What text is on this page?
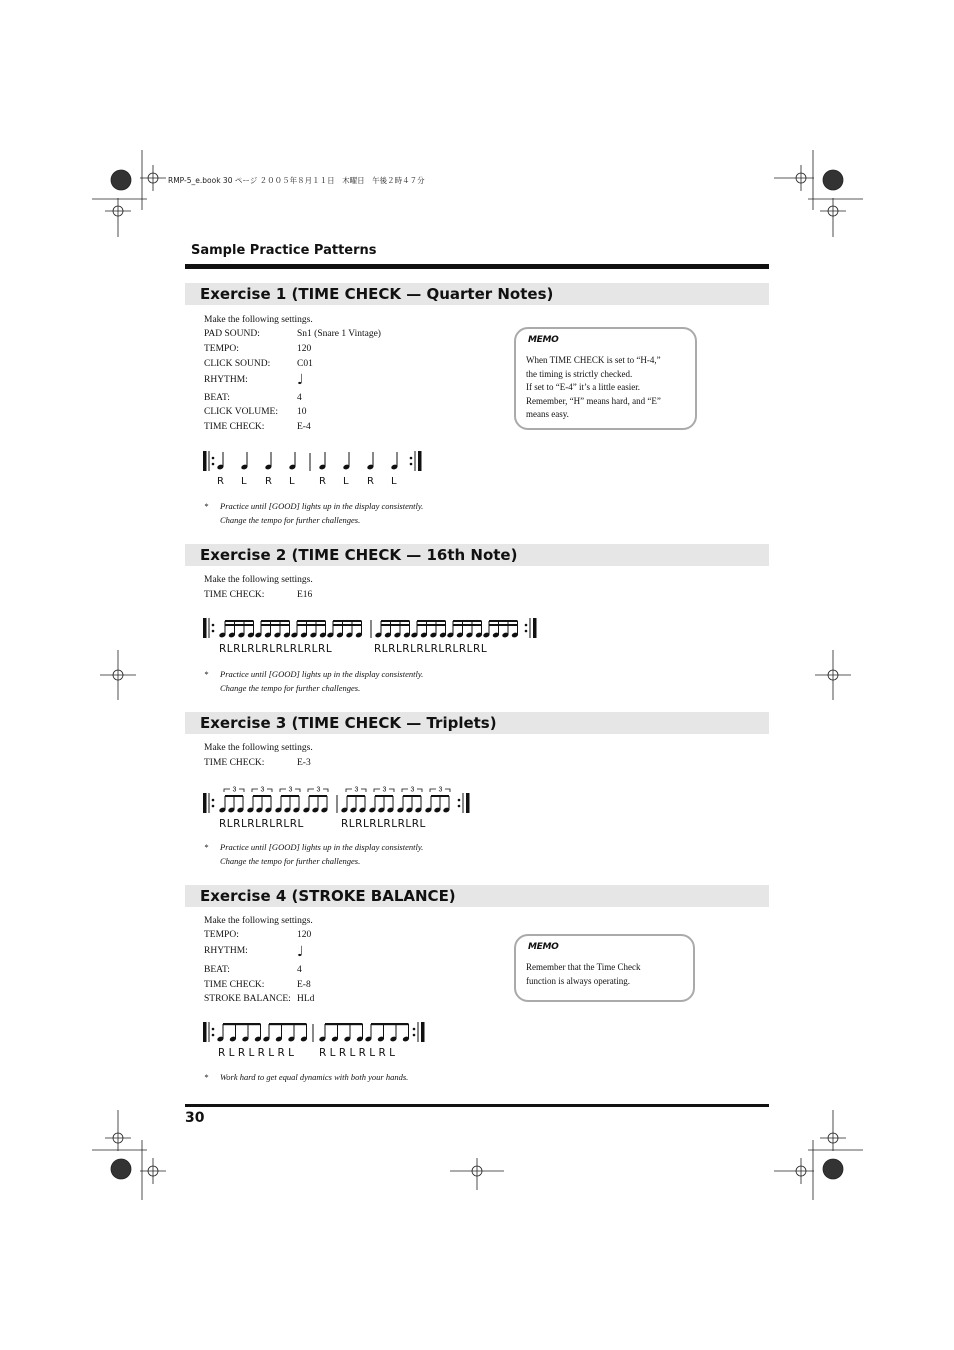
RMP-5_e.book 30 ページ ２００５年８月１１日　木曜日　午後２時４７分
Sample Practice Patterns
Exercise 1 (TIME CHECK — Quarter Notes)
Make the following settings.
PAD SOUND:	Sn1 (Snare 1 Vintage)
TEMPO:	120
CLICK SOUND:	C01
RHYTHM:	♩
BEAT:	4
CLICK VOLUME: 10
TIME CHECK:	E-4
MEMO
When TIME CHECK is set to “H-4,”
the timing is strictly checked.
If set to “E-4” it’s a little easier.
Remember, “H” means hard, and “E”
means easy.
R L R L R L R L
* Practice until [GOOD] lights up in the display consistently.
Change the tempo for further challenges.
Exercise 2 (TIME CHECK — 16th Note)
Make the following settings.
TIME CHECK:	E16
RLRLRLRLRLRLRLRL	RLRLRLRLRLRLRLRL
* Practice until [GOOD] lights up in the display consistently.
Change the tempo for further challenges.
Exercise 3 (TIME CHECK — Triplets)
Make the following settings.
TIME CHECK:	E-3
3	3	3	3	3	3	3	3
RLRLRLRLRLRL	RLRLRLRLRLRL
* Practice until [GOOD] lights up in the display consistently.
Change the tempo for further challenges.
Exercise 4 (STROKE BALANCE)
Make the following settings.
TEMPO:	120
RHYTHM:	♩
BEAT:	4
TIME CHECK:	E-8
STROKE BALANCE: HLd
MEMO
Remember that the Time Check
function is always operating.
R L R L R L R L R L R L R L R L
* Work hard to get equal dynamics with both your hands.
30
